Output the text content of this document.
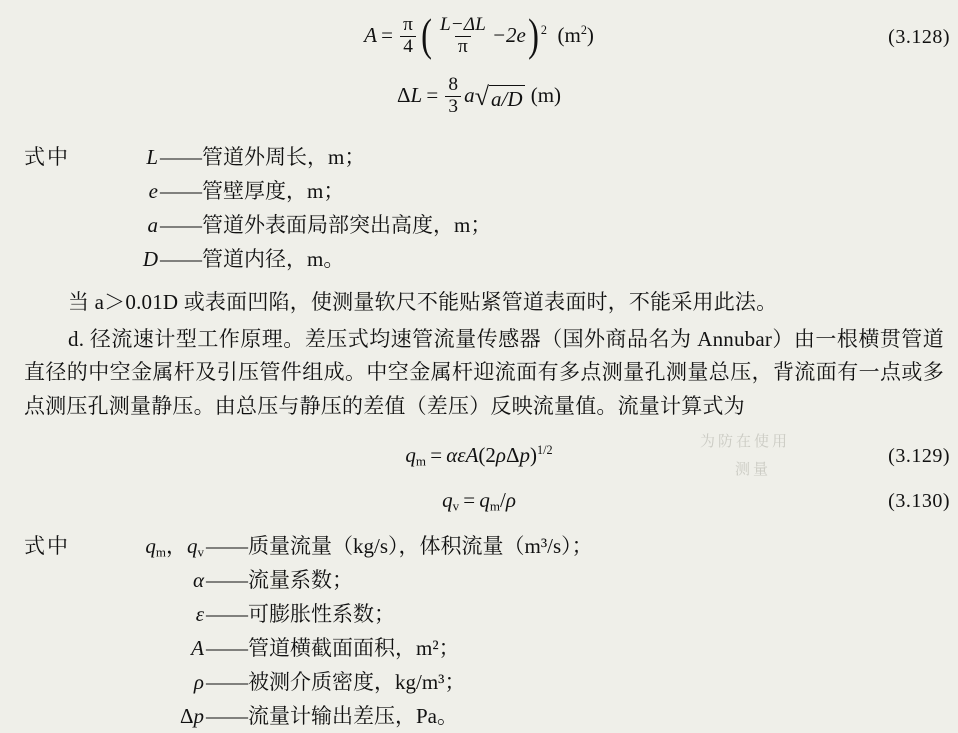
为防在使用
测量
$A = \frac{\pi}{4}$ ( $\frac{L-\Delta L}{\pi} -2e$) $^2$  $(m^2)$	(3.128)
$\Delta L = \frac{8}{3}$ a √ a/D (m)
式中	L ——管道外周长，m；
e ——管壁厚度，m；
a ——管道外表面局部突出高度，m；
D ——管道内径，m。
当 a＞0.01D 或表面凹陷，使测量软尺不能贴紧管道表面时，不能采用此法。
d. 径流速计型工作原理。差压式均速管流量传感器（国外商品名为 Annubar）由一根横贯管道直径的中空金属杆及引压管件组成。中空金属杆迎流面有多点测量孔测量总压，背流面有一点或多点测压孔测量静压。由总压与静压的差值（差压）反映流量值。流量计算式为
$q_m = \alpha\varepsilon A(2\rho\Delta p)^{1/2}$	(3.129)
$q_v = q_m/\rho$	(3.130)
式中	$q_m$，$q_v$ ——质量流量（kg/s），体积流量（m³/s）；
α ——流量系数；
ε ——可膨胀性系数；
A ——管道横截面面积，m²；
ρ ——被测介质密度，kg/m³；
Δp ——流量计输出差压，Pa。
